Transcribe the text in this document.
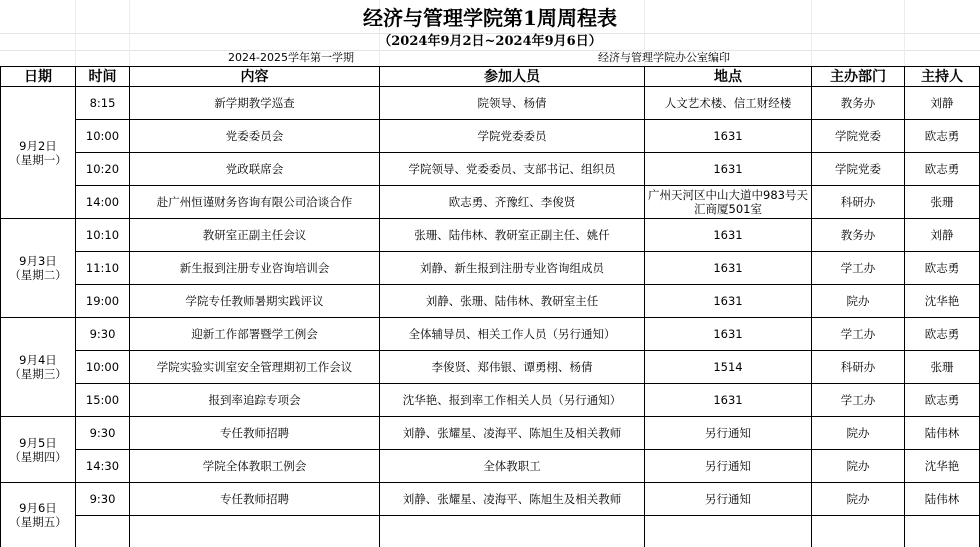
经济与管理学院第1周周程表
（2024年9月2日~2024年9月6日）
2024-2025学年第一学期	经济与管理学院办公室编印
日期	时间	内容	参加人员	地点	主办部门	主持人

9月2日
（星期一）	8:15	新学期教学巡查	院领导、杨倩	人文艺术楼、信工财经楼	教务办	刘静
	10:00	党委委员会	学院党委委员	1631	学院党委	欧志勇
	10:20	党政联席会	学院领导、党委委员、支部书记、组织员	1631	学院党委	欧志勇
	14:00	赴广州恒谨财务咨询有限公司洽谈合作	欧志勇、齐豫红、李俊贤	广州天河区中山大道中983号天汇商厦501室	科研办	张珊

9月3日
（星期二）	10:10	教研室正副主任会议	张珊、陆伟林、教研室正副主任、姚仟	1631	教务办	刘静
	11:10	新生报到注册专业咨询培训会	刘静、新生报到注册专业咨询组成员	1631	学工办	欧志勇
	19:00	学院专任教师暑期实践评议	刘静、张珊、陆伟林、教研室主任	1631	院办	沈华艳

9月4日
（星期三）	9:30	迎新工作部署暨学工例会	全体辅导员、相关工作人员（另行通知）	1631	学工办	欧志勇
	10:00	学院实验实训室安全管理期初工作会议	李俊贤、郑伟银、谭勇栩、杨倩	1514	科研办	张珊
	15:00	报到率追踪专项会	沈华艳、报到率工作相关人员（另行通知）	1631	学工办	欧志勇

9月5日
（星期四）	9:30	专任教师招聘	刘静、张耀星、凌海平、陈旭生及相关教师	另行通知	院办	陆伟林
	14:30	学院全体教职工例会	全体教职工	另行通知	院办	沈华艳

9月6日
（星期五）	9:30	专任教师招聘	刘静、张耀星、凌海平、陈旭生及相关教师	另行通知	院办	陆伟林
